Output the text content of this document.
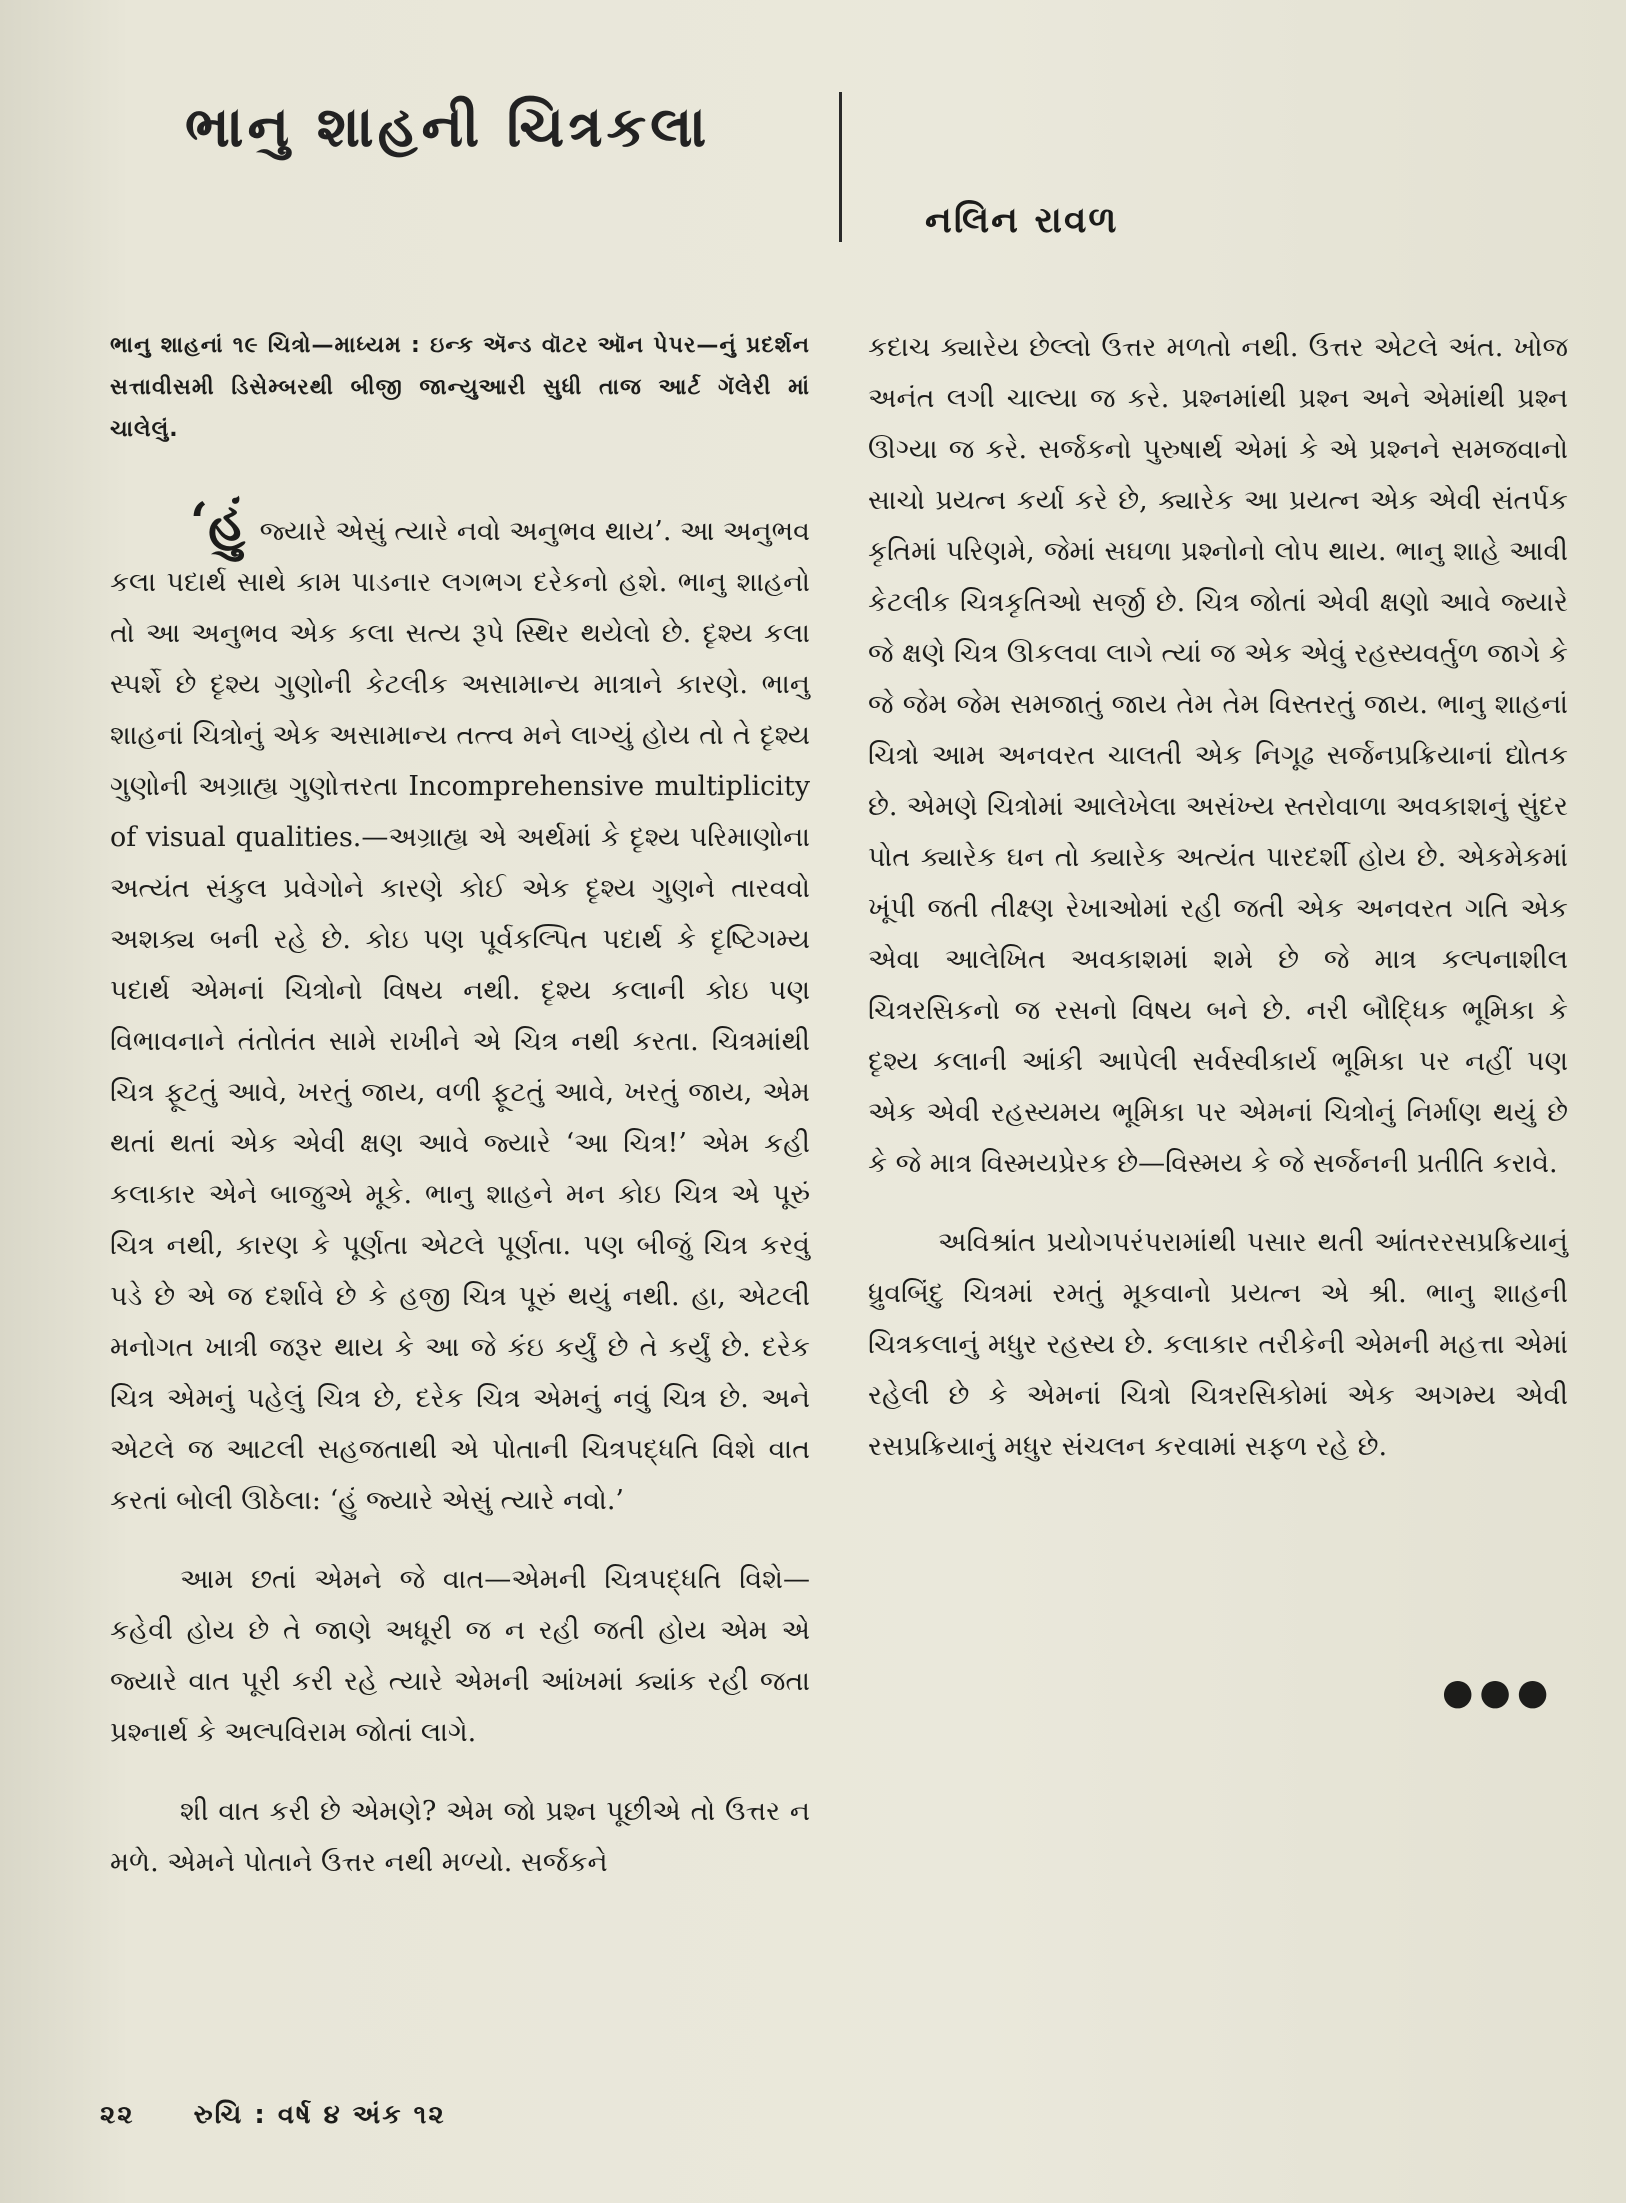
ભાનુ શાહની ચિત્રકલા
નલિન રાવળ

ભાનુ શાહનાં ૧૯ ચિત્રો—માધ્યમ : ઇન્ક ઍન્ડ વૉટર ઑન પેપર—નું પ્રદર્શન સત્તાવીસમી ડિસેમ્બરથી બીજી જાન્યુઆરી સુધી તાજ આર્ટ ગૅલેરી માં ચાલેલું.

‘હું જ્યારે એસું ત્યારે નવો અનુભવ થાય’. આ અનુભવ કલા પદાર્થ સાથે કામ પાડનાર લગભગ દરેકનો હશે. ભાનુ શાહનો તો આ અનુભવ એક કલા સત્ય રૂપે સ્થિર થયેલો છે. દૃશ્ય કલા સ્પર્શે છે દૃશ્ય ગુણોની કેટલીક અસામાન્ય માત્રાને કારણે. ભાનુ શાહનાં ચિત્રોનું એક અસામાન્ય તત્ત્વ મને લાગ્યું હોય તો તે દૃશ્ય ગુણોની અગ્રાહ્ય ગુણોત્તરતા Incomprehensive multiplicity of visual qualities.—અગ્રાહ્ય એ અર્થમાં કે દૃશ્ય પરિમાણોના અત્યંત સંકુલ પ્રવેગોને કારણે કોઈ એક દૃશ્ય ગુણને તારવવો અશક્ય બની રહે છે. કોઇ પણ પૂર્વકલ્પિત પદાર્થ કે દૃષ્ટિગમ્ય પદાર્થ એમનાં ચિત્રોનો વિષય નથી. દૃશ્ય કલાની કોઇ પણ વિભાવનાને તંતોતંત સામે રાખીને એ ચિત્ર નથી કરતા. ચિત્રમાંથી ચિત્ર ફૂટતું આવે, ખરતું જાય, વળી ફૂટતું આવે, ખરતું જાય, એમ થતાં થતાં એક એવી ક્ષણ આવે જ્યારે ‘આ ચિત્ર!’ એમ કહી કલાકાર એને બાજુએ મૂકે. ભાનુ શાહને મન કોઇ ચિત્ર એ પૂરું ચિત્ર નથી, કારણ કે પૂર્ણતા એટલે પૂર્ણતા. પણ બીજું ચિત્ર કરવું પડે છે એ જ દર્શાવે છે કે હજી ચિત્ર પૂરું થયું નથી. હા, એટલી મનોગત ખાત્રી જરૂર થાય કે આ જે કંઇ કર્યું છે તે કર્યું છે. દરેક ચિત્ર એમનું પહેલું ચિત્ર છે, દરેક ચિત્ર એમનું નવું ચિત્ર છે. અને એટલે જ આટલી સહજતાથી એ પોતાની ચિત્રપદ્ધતિ વિશે વાત કરતાં બોલી ઊઠેલા: ‘હું જ્યારે એસું ત્યારે નવો.’

આમ છતાં એમને જે વાત—એમની ચિત્રપદ્ધતિ વિશે—કહેવી હોય છે તે જાણે અધૂરી જ ન રહી જતી હોય એમ એ જ્યારે વાત પૂરી કરી રહે ત્યારે એમની આંખમાં ક્યાંક રહી જતા પ્રશ્નાર્થ કે અલ્પવિરામ જોતાં લાગે.

શી વાત કરી છે એમણે? એમ જો પ્રશ્ન પૂછીએ તો ઉત્તર ન મળે. એમને પોતાને ઉત્તર નથી મળ્યો. સર્જકને

કદાચ ક્યારેય છેલ્લો ઉત્તર મળતો નથી. ઉત્તર એટલે અંત. ખોજ અનંત લગી ચાલ્યા જ કરે. પ્રશ્નમાંથી પ્રશ્ન અને એમાંથી પ્રશ્ન ઊગ્યા જ કરે. સર્જકનો પુરુષાર્થ એમાં કે એ પ્રશ્નને સમજવાનો સાચો પ્રયત્ન કર્યા કરે છે, ક્યારેક આ પ્રયત્ન એક એવી સંતર્પક કૃતિમાં પરિણમે, જેમાં સઘળા પ્રશ્નોનો લોપ થાય. ભાનુ શાહે આવી કેટલીક ચિત્રકૃતિઓ સર્જી છે. ચિત્ર જોતાં એવી ક્ષણો આવે જ્યારે જે ક્ષણે ચિત્ર ઊકલવા લાગે ત્યાં જ એક એવું રહસ્યવર્તુળ જાગે કે જે જેમ જેમ સમજાતું જાય તેમ તેમ વિસ્તરતું જાય. ભાનુ શાહનાં ચિત્રો આમ અનવરત ચાલતી એક નિગૂઢ સર્જનપ્રક્રિયાનાં દ્યોતક છે. એમણે ચિત્રોમાં આલેખેલા અસંખ્ય સ્તરોવાળા અવકાશનું સુંદર પોત ક્યારેક ઘન તો ક્યારેક અત્યંત પારદર્શી હોય છે. એકમેકમાં ખૂંપી જતી તીક્ષ્ણ રેખાઓમાં રહી જતી એક અનવરત ગતિ એક એવા આલેખિત અવકાશમાં શમે છે જે માત્ર કલ્પનાશીલ ચિત્રરસિકનો જ રસનો વિષય બને છે. નરી બૌદ્ધિક ભૂમિકા કે દૃશ્ય કલાની આંકી આપેલી સર્વસ્વીકાર્ય ભૂમિકા પર નહીં પણ એક એવી રહસ્યમય ભૂમિકા પર એમનાં ચિત્રોનું નિર્માણ થયું છે કે જે માત્ર વિસ્મયપ્રેરક છે—વિસ્મય કે જે સર્જનની પ્રતીતિ કરાવે.

અવિશ્રાંત પ્રયોગપરંપરામાંથી પસાર થતી આંતરરસપ્રક્રિયાનું ધ્રુવબિંદુ ચિત્રમાં રમતું મૂકવાનો પ્રયત્ન એ શ્રી. ભાનુ શાહની ચિત્રકલાનું મધુર રહસ્ય છે. કલાકાર તરીકેની એમની મહત્તા એમાં રહેલી છે કે એમનાં ચિત્રો ચિત્રરસિકોમાં એક અગમ્ય એવી રસપ્રક્રિયાનું મધુર સંચલન કરવામાં સફળ રહે છે.

●●●
૨૨ રુચિ : વર્ષ ૪ અંક ૧૨
